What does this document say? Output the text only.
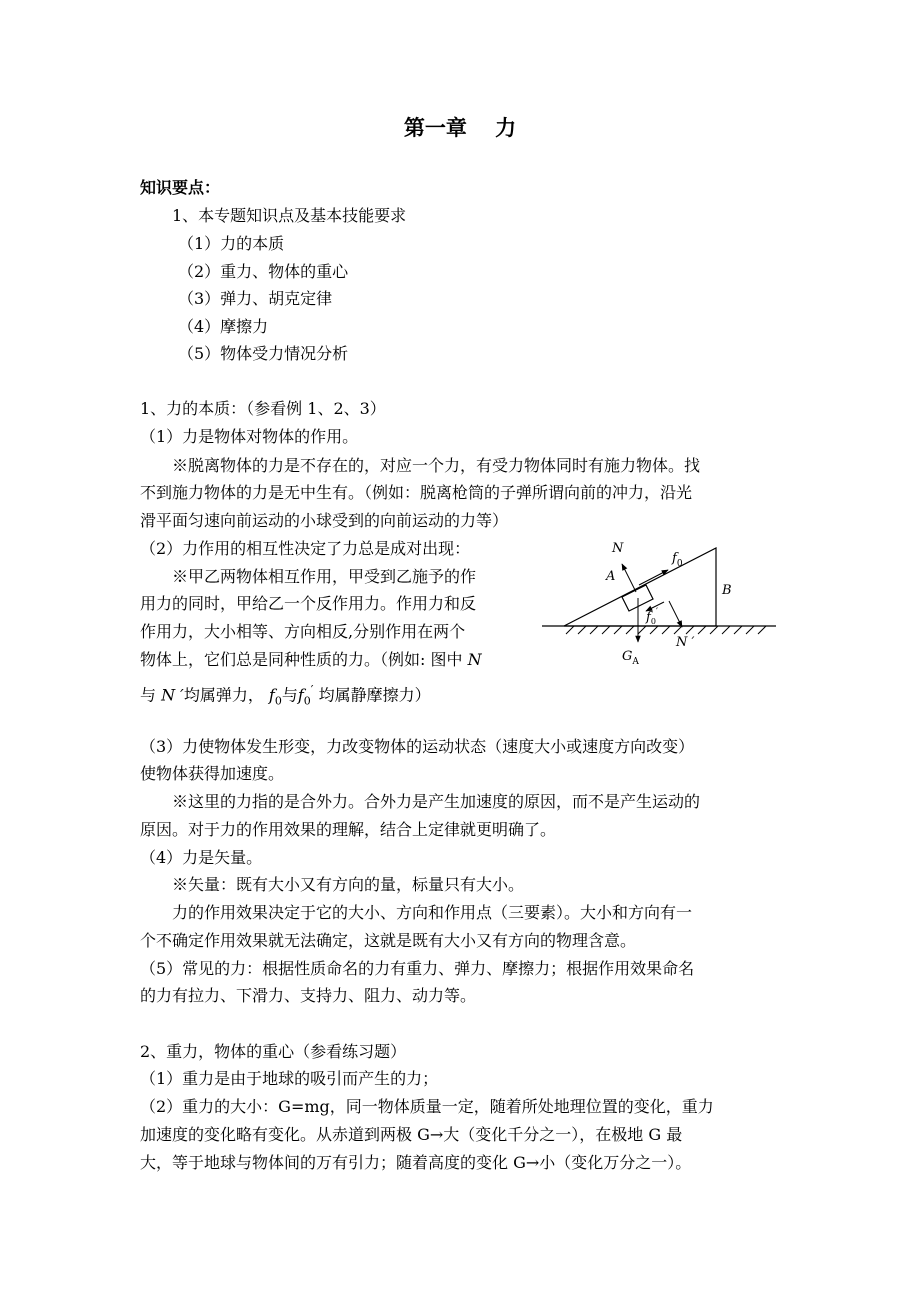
第一章　 力

知识要点：

1、本专题知识点及基本技能要求

（1）力的本质

（2）重力、物体的重心

（3）弹力、胡克定律

（4）摩擦力

（5）物体受力情况分析

1、力的本质：（参看例 1、2、3）

（1）力是物体对物体的作用。

※脱离物体的力是不存在的，对应一个力，有受力物体同时有施力物体。找

不到施力物体的力是无中生有。（例如：脱离枪筒的子弹所谓向前的冲力，沿光

滑平面匀速向前运动的小球受到的向前运动的力等）

（2）力作用的相互性决定了力总是成对出现：

※甲乙两物体相互作用，甲受到乙施予的作

用力的同时，甲给乙一个反作用力。作用力和反

作用力，大小相等、方向相反,分别作用在两个

物体上，它们总是同种性质的力。（例如: 图中 N

与 N ′均属弹力， $f_0$与$f_0'$ 均属静摩擦力）

N
$f_0$
A
B
$f_0'$
N ′
$G_A$

（3）力使物体发生形变，力改变物体的运动状态（速度大小或速度方向改变）

使物体获得加速度。

※这里的力指的是合外力。合外力是产生加速度的原因，而不是产生运动的

原因。对于力的作用效果的理解，结合上定律就更明确了。

（4）力是矢量。

※矢量：既有大小又有方向的量，标量只有大小。

力的作用效果决定于它的大小、方向和作用点（三要素）。大小和方向有一

个不确定作用效果就无法确定，这就是既有大小又有方向的物理含意。

（5）常见的力：根据性质命名的力有重力、弹力、摩擦力；根据作用效果命名

的力有拉力、下滑力、支持力、阻力、动力等。

2、重力，物体的重心（参看练习题）

（1）重力是由于地球的吸引而产生的力；

（2）重力的大小：G=mg，同一物体质量一定，随着所处地理位置的变化，重力

加速度的变化略有变化。从赤道到两极 G→大（变化千分之一），在极地 G 最

大，等于地球与物体间的万有引力；随着高度的变化 G→小（变化万分之一）。
